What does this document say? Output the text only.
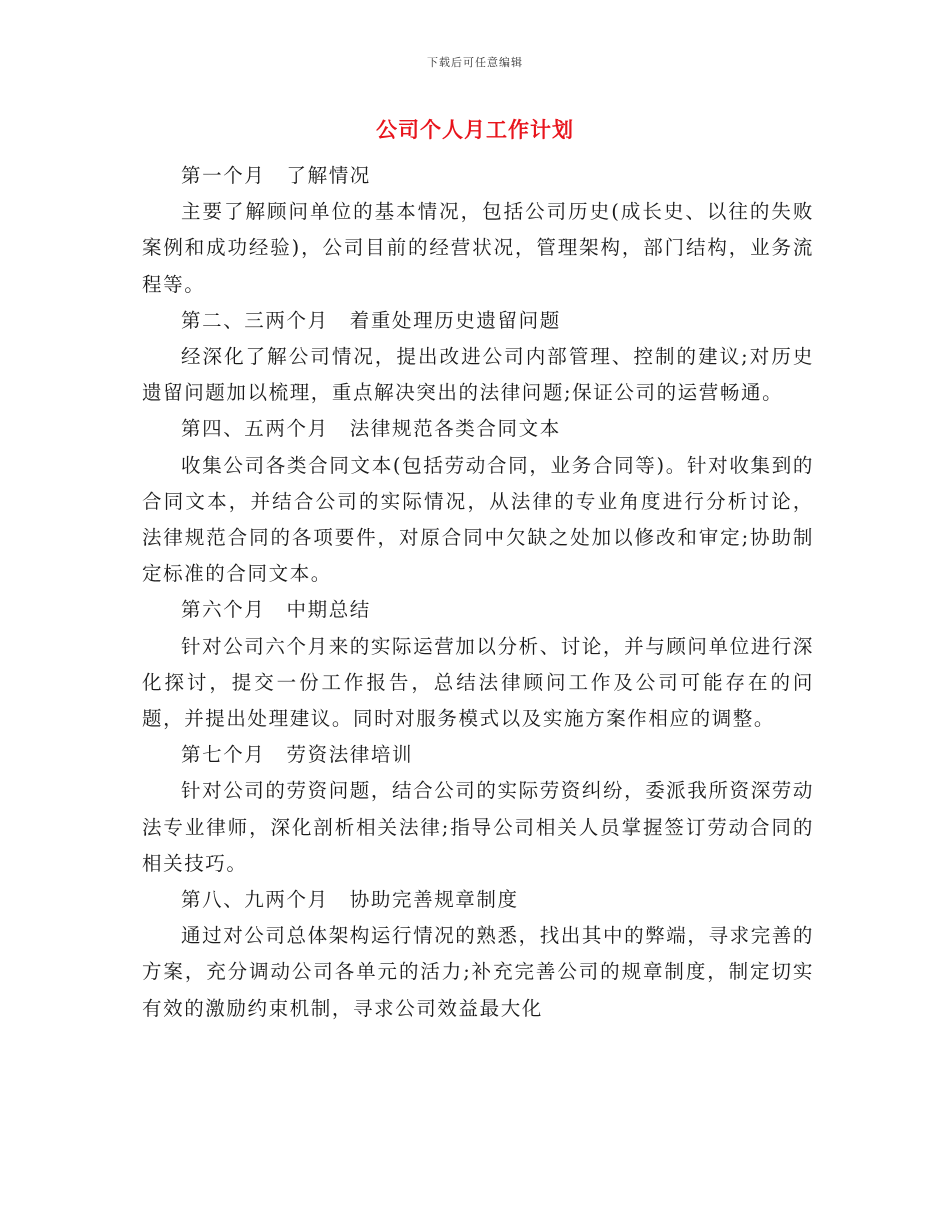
下载后可任意编辑
公司个人月工作计划

第一个月　了解情况

主要了解顾问单位的基本情况，包括公司历史(成长史、以往的失败案例和成功经验)，公司目前的经营状况，管理架构，部门结构，业务流程等。

第二、三两个月　着重处理历史遗留问题

经深化了解公司情况，提出改进公司内部管理、控制的建议;对历史遗留问题加以梳理，重点解决突出的法律问题;保证公司的运营畅通。

第四、五两个月　法律规范各类合同文本

收集公司各类合同文本(包括劳动合同，业务合同等)。针对收集到的合同文本，并结合公司的实际情况，从法律的专业角度进行分析讨论，法律规范合同的各项要件，对原合同中欠缺之处加以修改和审定;协助制定标准的合同文本。

第六个月　中期总结

针对公司六个月来的实际运营加以分析、讨论，并与顾问单位进行深化探讨，提交一份工作报告，总结法律顾问工作及公司可能存在的问题，并提出处理建议。同时对服务模式以及实施方案作相应的调整。

第七个月　劳资法律培训

针对公司的劳资问题，结合公司的实际劳资纠纷，委派我所资深劳动法专业律师，深化剖析相关法律;指导公司相关人员掌握签订劳动合同的相关技巧。

第八、九两个月　协助完善规章制度

通过对公司总体架构运行情况的熟悉，找出其中的弊端，寻求完善的方案，充分调动公司各单元的活力;补充完善公司的规章制度，制定切实有效的激励约束机制，寻求公司效益最大化
